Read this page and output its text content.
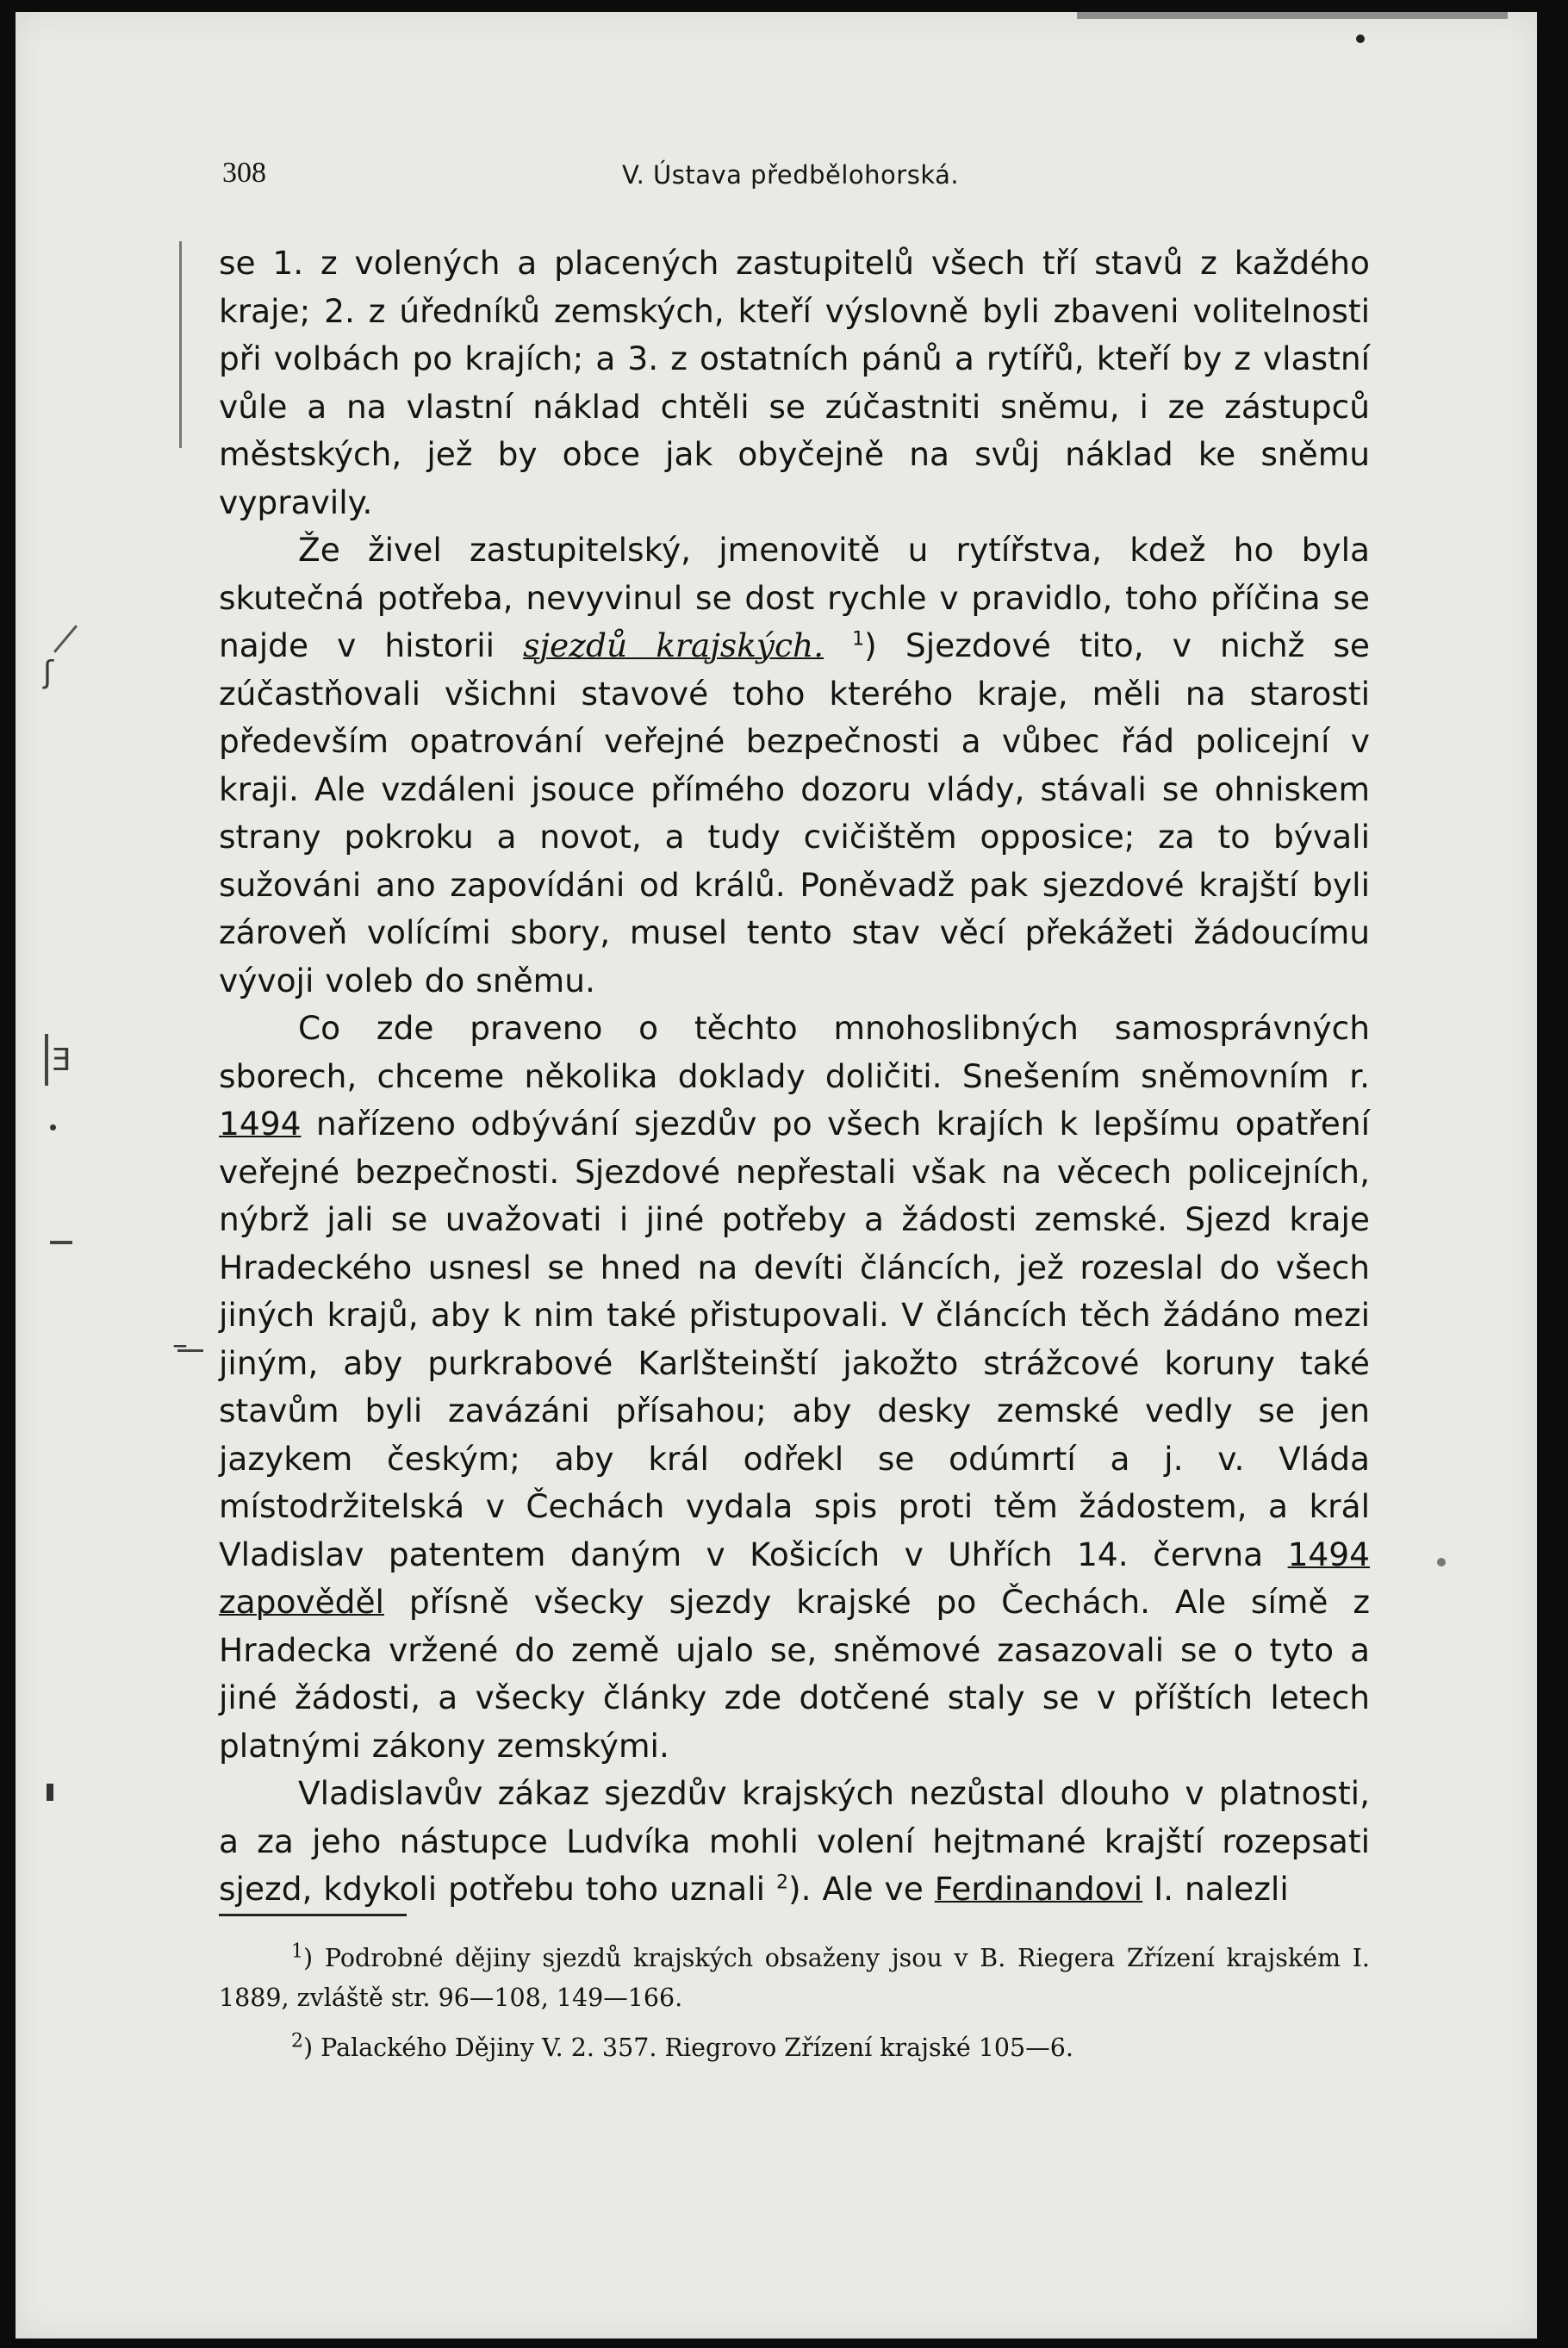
308	V. Ústava předbělohorská.

se 1. z volených a placených zastupitelů všech tří stavů z každého kraje; 2. z úředníků zemských, kteří výslovně byli zbaveni volitelnosti při volbách po krajích; a 3. z ostatních pánů a rytířů, kteří by z vlastní vůle a na vlastní náklad chtěli se zúčastniti sněmu, i ze zástupců městských, jež by obce jak obyčejně na svůj náklad ke sněmu vypravily.

Že živel zastupitelský, jmenovitě u rytířstva, kdež ho byla skutečná potřeba, nevyvinul se dost rychle v pravidlo, toho příčina se najde v historii sjezdů krajských. $^1$) Sjezdové tito, v nichž se zúčastňovali všichni stavové toho kterého kraje, měli na starosti především opatrování veřejné bezpečnosti a vůbec řád policejní v kraji. Ale vzdáleni jsouce přímého dozoru vlády, stávali se ohniskem strany pokroku a novot, a tudy cvičištěm opposice; za to bývali sužováni ano zapovídáni od králů. Poněvadž pak sjezdové krajští byli zároveň volícími sbory, musel tento stav věcí překážeti žádoucímu vývoji voleb do sněmu.

Co zde praveno o těchto mnohoslibných samosprávných sborech, chceme několika doklady doličiti. Snešením sněmovním r. 1494 nařízeno odbývání sjezdův po všech krajích k lepšímu opatření veřejné bezpečnosti. Sjezdové nepřestali však na věcech policejních, nýbrž jali se uvažovati i jiné potřeby a žádosti zemské. Sjezd kraje Hradeckého usnesl se hned na devíti článcích, jež rozeslal do všech jiných krajů, aby k nim také přistupovali. V článcích těch žádáno mezi jiným, aby purkrabové Karlšteinští jakožto strážcové koruny také stavům byli zavázáni přísahou; aby desky zemské vedly se jen jazykem českým; aby král odřekl se odúmrtí a j. v. Vláda místodržitelská v Čechách vydala spis proti těm žádostem, a král Vladislav patentem daným v Košicích v Uhřích 14. června 1494 zapověděl přísně všecky sjezdy krajské po Čechách. Ale símě z Hradecka vržené do země ujalo se, sněmové zasazovali se o tyto a jiné žádosti, a všecky články zde dotčené staly se v příštích letech platnými zákony zemskými.

Vladislavův zákaz sjezdův krajských nezůstal dlouho v platnosti, a za jeho nástupce Ludvíka mohli volení hejtmané krajští rozepsati sjezd, kdykoli potřebu toho uznali $^2$). Ale ve Ferdinandovi I. nalezli

$^1$) Podrobné dějiny sjezdů krajských obsaženy jsou v B. Riegera Zřízení krajském I. 1889, zvláště str. 96—108, 149—166.

$^2$) Palackého Dějiny V. 2. 357. Riegrovo Zřízení krajské 105—6.

ʃ
Ǝ
–
